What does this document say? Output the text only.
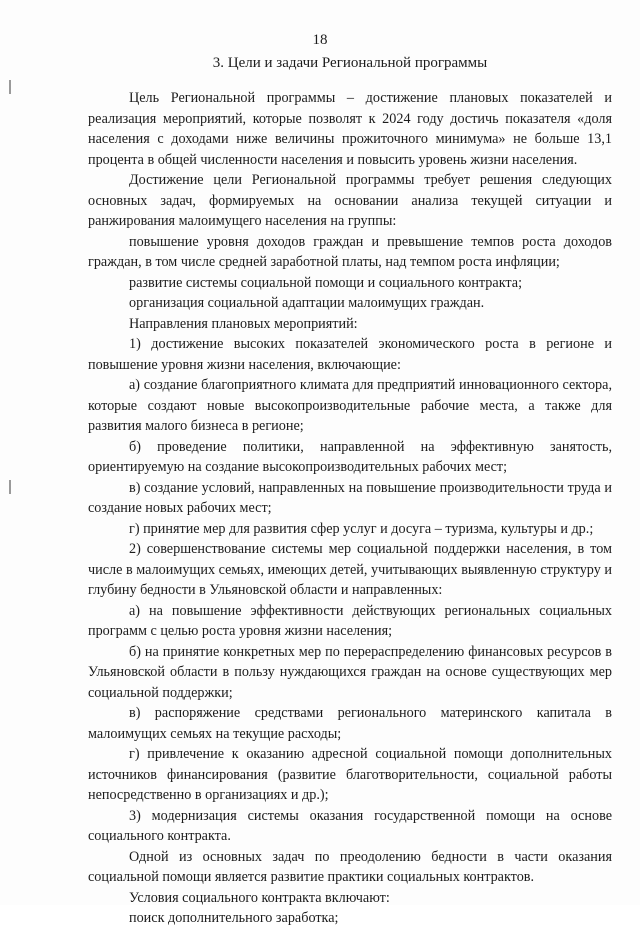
18
3. Цели и задачи Региональной программы

Цель Региональной программы – достижение плановых показателей и реализация мероприятий, которые позволят к 2024 году достичь показателя «доля населения с доходами ниже величины прожиточного минимума» не больше 13,1 процента в общей численности населения и повысить уровень жизни населения.

Достижение цели Региональной программы требует решения следующих основных задач, формируемых на основании анализа текущей ситуации и ранжирования малоимущего населения на группы:

повышение уровня доходов граждан и превышение темпов роста доходов граждан, в том числе средней заработной платы, над темпом роста инфляции;

развитие системы социальной помощи и социального контракта;

организация социальной адаптации малоимущих граждан.

Направления плановых мероприятий:

1) достижение высоких показателей экономического роста в регионе и повышение уровня жизни населения, включающие:

а) создание благоприятного климата для предприятий инновационного сектора, которые создают новые высокопроизводительные рабочие места, а также для развития малого бизнеса в регионе;

б) проведение политики, направленной на эффективную занятость, ориентируемую на создание высокопроизводительных рабочих мест;

в) создание условий, направленных на повышение производительности труда и создание новых рабочих мест;

г) принятие мер для развития сфер услуг и досуга – туризма, культуры и др.;

2) совершенствование системы мер социальной поддержки населения, в том числе в малоимущих семьях, имеющих детей, учитывающих выявленную структуру и глубину бедности в Ульяновской области и направленных:

а) на повышение эффективности действующих региональных социальных программ с целью роста уровня жизни населения;

б) на принятие конкретных мер по перераспределению финансовых ресурсов в Ульяновской области в пользу нуждающихся граждан на основе существующих мер социальной поддержки;

в) распоряжение средствами регионального материнского капитала в малоимущих семьях на текущие расходы;

г) привлечение к оказанию адресной социальной помощи дополнительных источников финансирования (развитие благотворительности, социальной работы непосредственно в организациях и др.);

3) модернизация системы оказания государственной помощи на основе социального контракта.

Одной из основных задач по преодолению бедности в части оказания социальной помощи является развитие практики социальных контрактов.

Условия социального контракта включают:

поиск дополнительного заработка;
